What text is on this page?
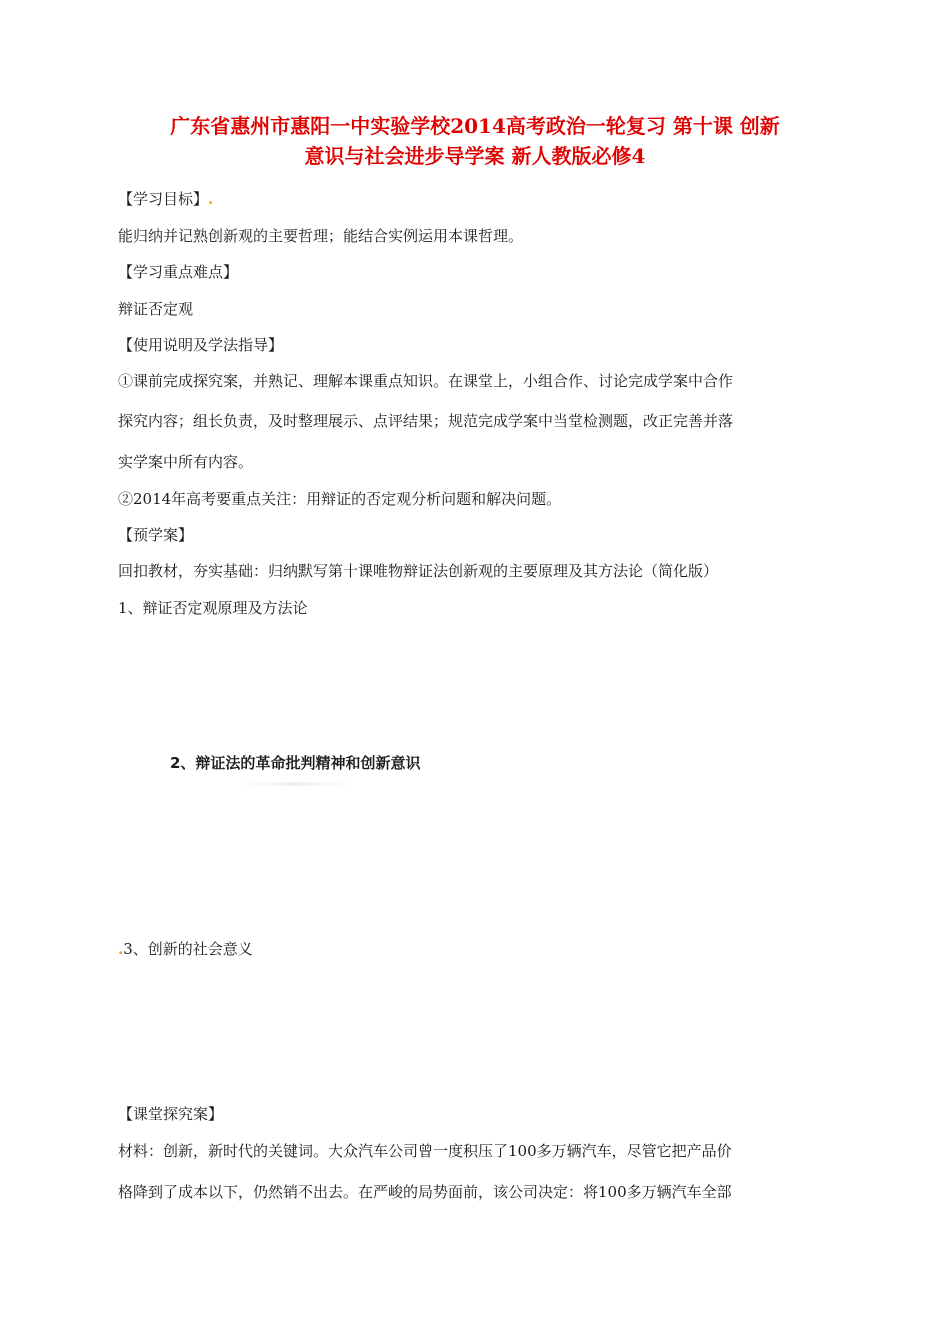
广东省惠州市惠阳一中实验学校2014高考政治一轮复习 第十课 创新
意识与社会进步导学案 新人教版必修4
【学习目标】.
能归纳并记熟创新观的主要哲理；能结合实例运用本课哲理。
【学习重点难点】
辩证否定观
【使用说明及学法指导】
①课前完成探究案，并熟记、理解本课重点知识。在课堂上，小组合作、讨论完成学案中合作
探究内容；组长负责，及时整理展示、点评结果；规范完成学案中当堂检测题，改正完善并落
实学案中所有内容。
②2014年高考要重点关注：用辩证的否定观分析问题和解决问题。
【预学案】
回扣教材，夯实基础：归纳默写第十课唯物辩证法创新观的主要原理及其方法论（简化版）
1、辩证否定观原理及方法论
2、辩证法的革命批判精神和创新意识
.3、创新的社会意义
【课堂探究案】
材料：创新，新时代的关键词。大众汽车公司曾一度积压了100多万辆汽车，尽管它把产品价
格降到了成本以下，仍然销不出去。在严峻的局势面前，该公司决定：将100多万辆汽车全部
